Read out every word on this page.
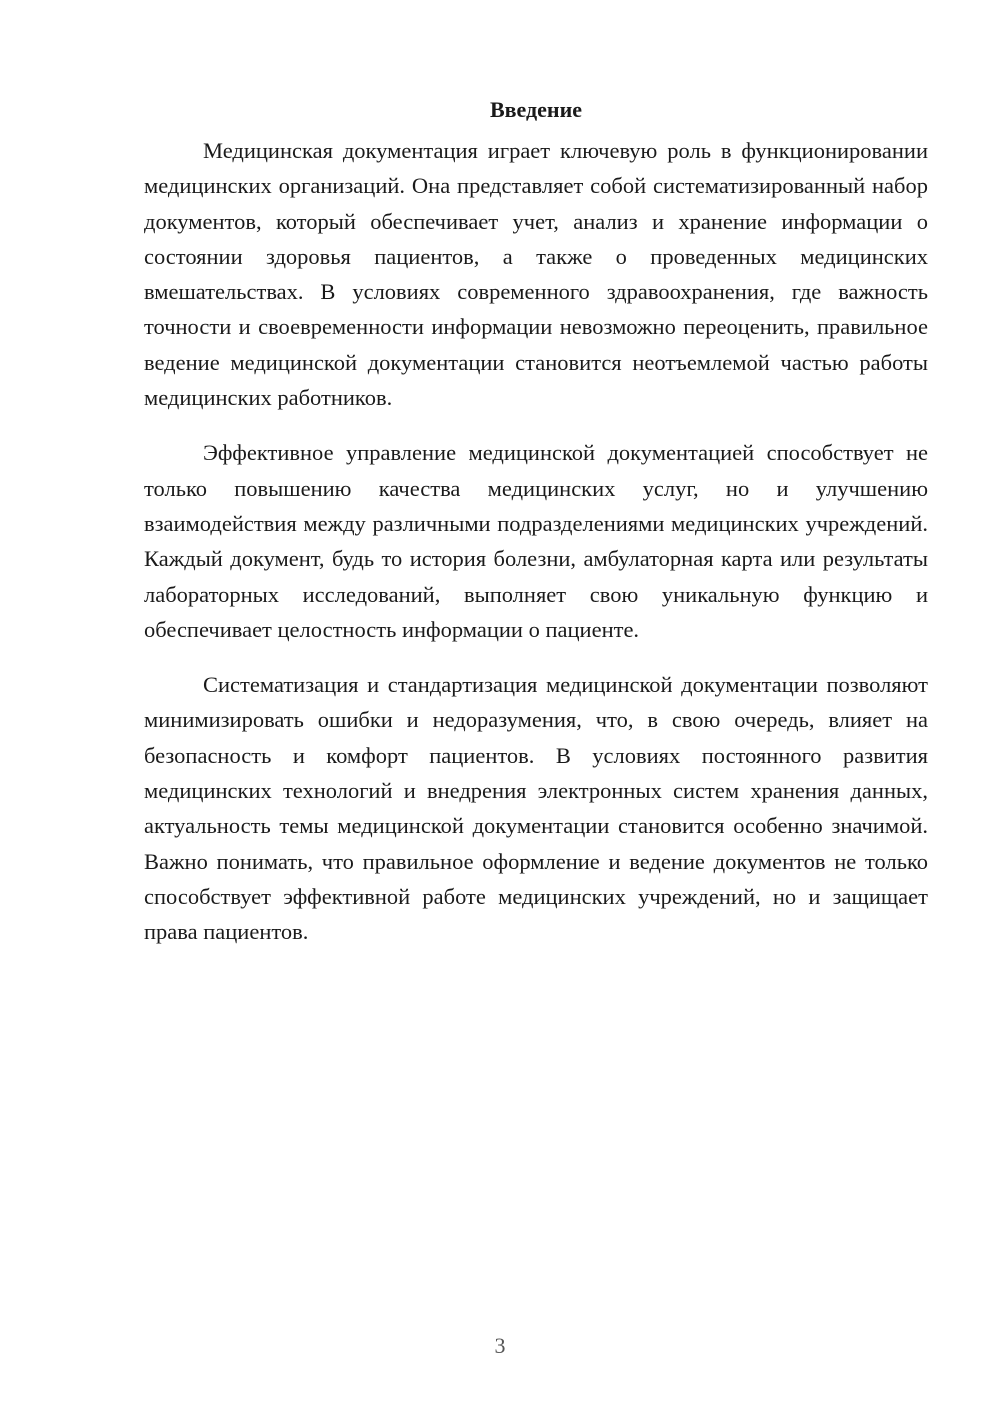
Введение

Медицинская документация играет ключевую роль в функционировании медицинских организаций. Она представляет собой систематизированный набор документов, который обеспечивает учет, анализ и хранение информации о состоянии здоровья пациентов, а также о проведенных медицинских вмешательствах. В условиях современного здравоохранения, где важность точности и своевременности информации невозможно переоценить, правильное ведение медицинской документации становится неотъемлемой частью работы медицинских работников.

Эффективное управление медицинской документацией способствует не только повышению качества медицинских услуг, но и улучшению взаимодействия между различными подразделениями медицинских учреждений. Каждый документ, будь то история болезни, амбулаторная карта или результаты лабораторных исследований, выполняет свою уникальную функцию и обеспечивает целостность информации о пациенте.

Систематизация и стандартизация медицинской документации позволяют минимизировать ошибки и недоразумения, что, в свою очередь, влияет на безопасность и комфорт пациентов. В условиях постоянного развития медицинских технологий и внедрения электронных систем хранения данных, актуальность темы медицинской документации становится особенно значимой. Важно понимать, что правильное оформление и ведение документов не только способствует эффективной работе медицинских учреждений, но и защищает права пациентов.

3
